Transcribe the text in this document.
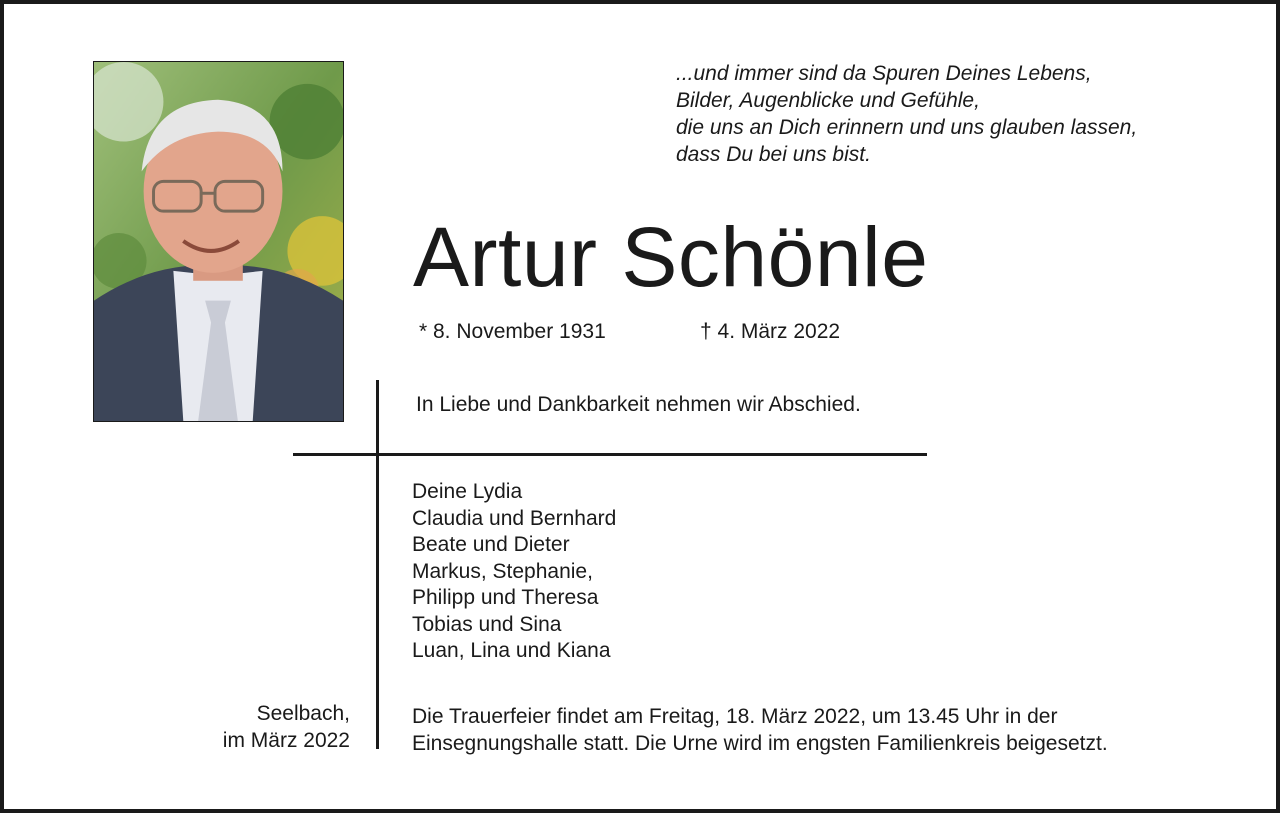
...und immer sind da Spuren Deines Lebens,
Bilder, Augenblicke und Gefühle,
die uns an Dich erinnern und uns glauben lassen,
dass Du bei uns bist.
Artur Schönle
* 8. November 1931	† 4. März 2022
In Liebe und Dankbarkeit nehmen wir Abschied.
Deine Lydia
Claudia und Bernhard
Beate und Dieter
Markus, Stephanie,
Philipp und Theresa
Tobias und Sina
Luan, Lina und Kiana
Seelbach,
im März 2022
Die Trauerfeier findet am Freitag, 18. März 2022, um 13.45 Uhr in der
Einsegnungshalle statt. Die Urne wird im engsten Familienkreis beigesetzt.
